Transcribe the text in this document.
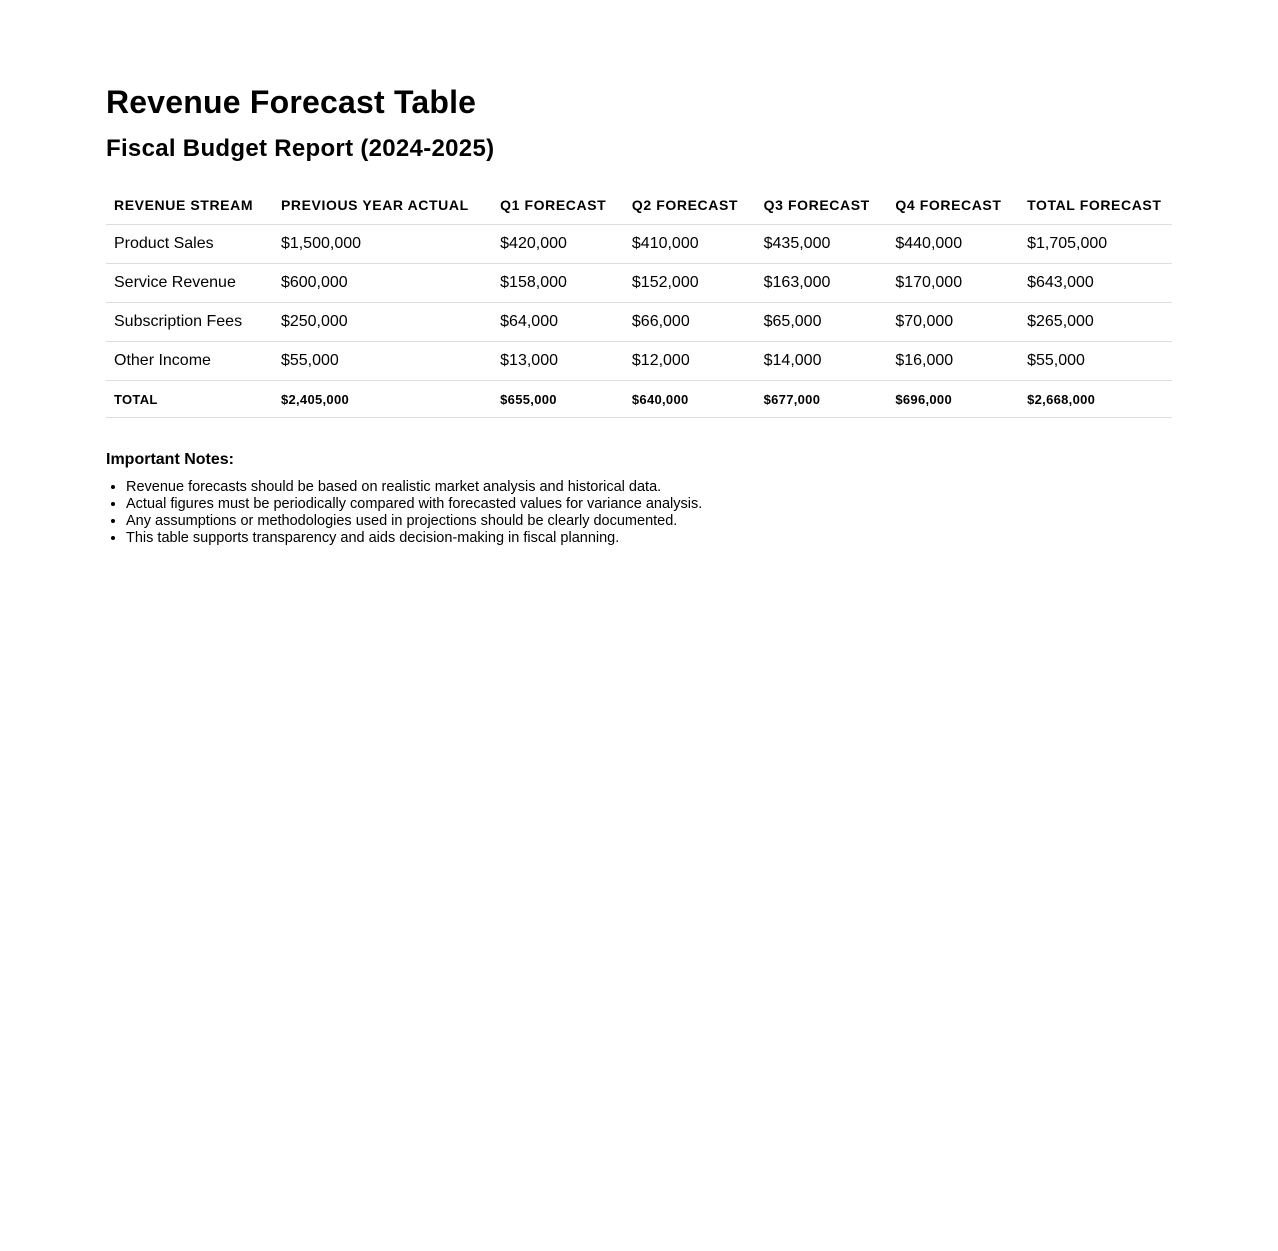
Revenue Forecast Table
Fiscal Budget Report (2024-2025)
REVENUE STREAM	PREVIOUS YEAR ACTUAL	Q1 FORECAST	Q2 FORECAST	Q3 FORECAST	Q4 FORECAST	TOTAL FORECAST
Product Sales	$1,500,000	$420,000	$410,000	$435,000	$440,000	$1,705,000
Service Revenue	$600,000	$158,000	$152,000	$163,000	$170,000	$643,000
Subscription Fees	$250,000	$64,000	$66,000	$65,000	$70,000	$265,000
Other Income	$55,000	$13,000	$12,000	$14,000	$16,000	$55,000
TOTAL	$2,405,000	$655,000	$640,000	$677,000	$696,000	$2,668,000

Important Notes:

• Revenue forecasts should be based on realistic market analysis and historical data.
• Actual figures must be periodically compared with forecasted values for variance analysis.
• Any assumptions or methodologies used in projections should be clearly documented.
• This table supports transparency and aids decision-making in fiscal planning.
